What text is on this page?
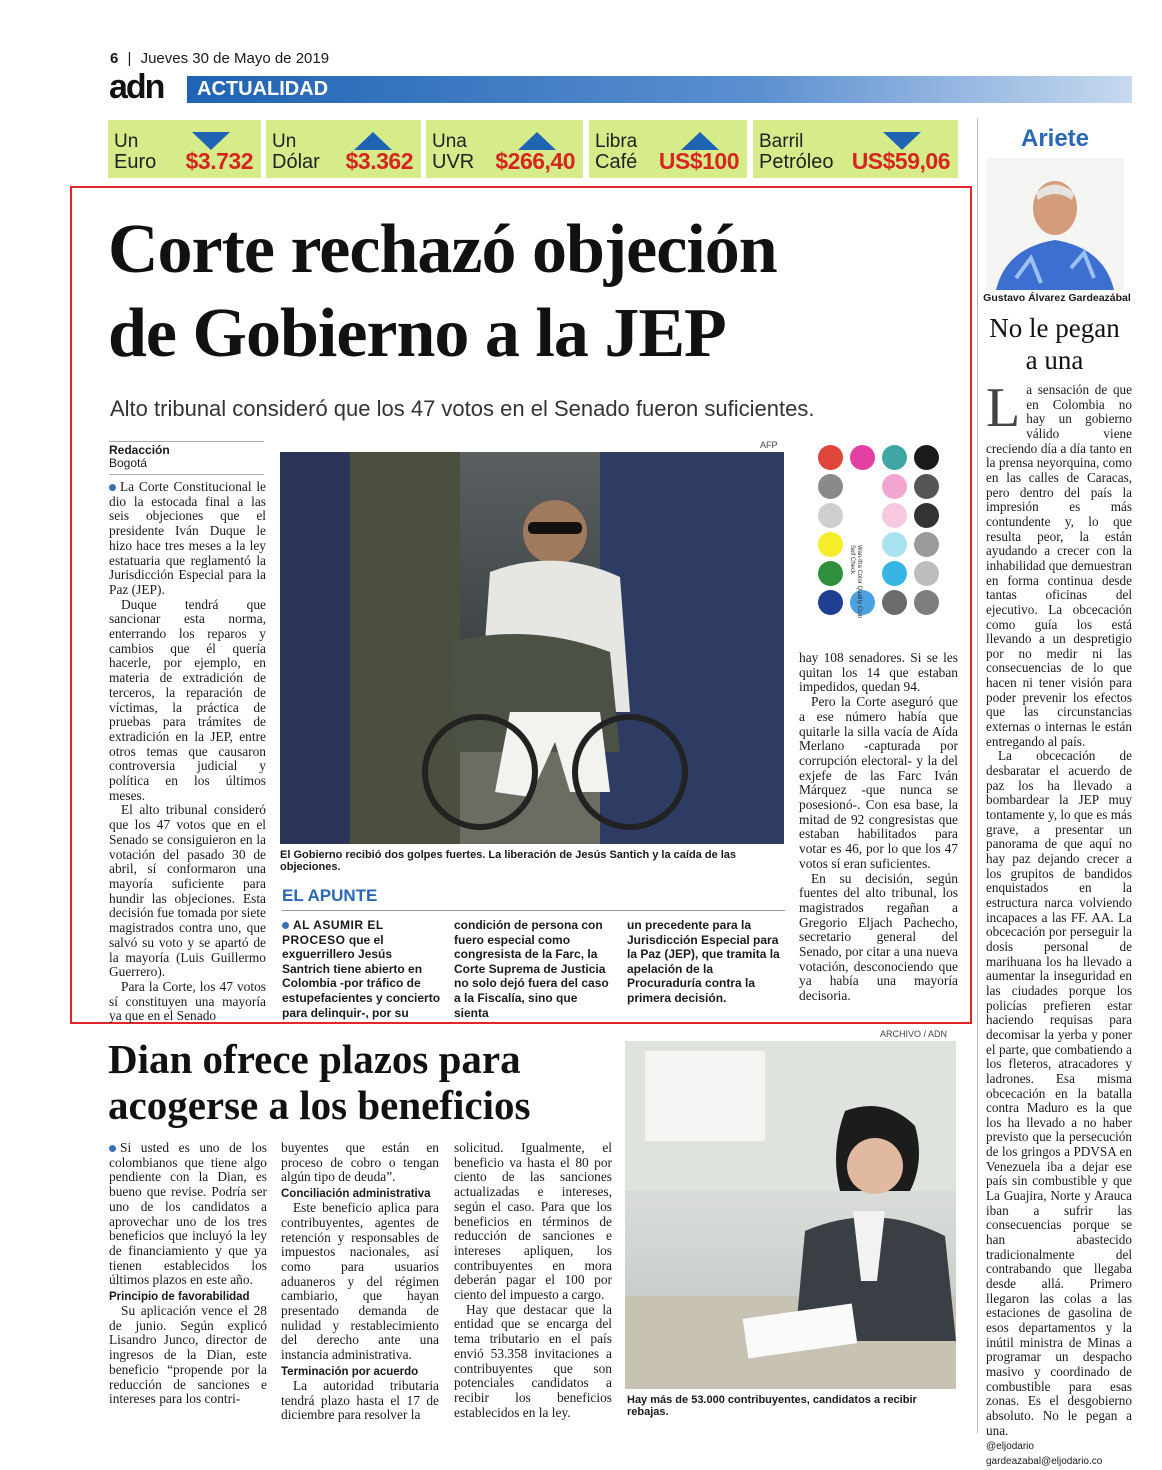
6 | Jueves 30 de Mayo de 2019
adn ACTUALIDAD
Un
Euro $3.732
Un
Dólar $3.362
Una
UVR $266,40
Libra
Café US$100
Barril
Petróleo US$59,06
Corte rechazó objeción
de Gobierno a la JEP
Alto tribunal consideró que los 47 votos en el Senado fueron suficientes.
Redacción
Bogotá

La Corte Constitucional le dio la estocada final a las seis objeciones que el presidente Iván Duque le hizo hace tres meses a la ley estatuaria que reglamentó la Jurisdicción Especial para la Paz (JEP).

Duque tendrá que sancionar esta norma, enterrando los reparos y cambios que él quería hacerle, por ejemplo, en materia de extradición de terceros, la reparación de víctimas, la práctica de pruebas para trámites de extradición en la JEP, entre otros temas que causaron controversia judicial y política en los últimos meses.

El alto tribunal consideró que los 47 votos que en el Senado se consiguieron en la votación del pasado 30 de abril, sí conformaron una mayoría suficiente para hundir las objeciones. Esta decisión fue tomada por siete magistrados contra uno, que salvó su voto y se apartó de la mayoría (Luis Guillermo Guerrero).

Para la Corte, los 47 votos sí constituyen una mayoría ya que en el Senado

AFP
El Gobierno recibió dos golpes fuertes. La liberación de Jesús Santich y la caída de las objeciones.
Wan-Ifra Color Quality Club Self Check

hay 108 senadores. Si se les quitan los 14 que estaban impedidos, quedan 94.

Pero la Corte aseguró que a ese número había que quitarle la silla vacía de Aída Merlano -capturada por corrupción electoral- y la del exjefe de las Farc Iván Márquez -que nunca se posesionó-. Con esa base, la mitad de 92 congresistas que estaban habilitados para votar es 46, por lo que los 47 votos sí eran suficientes.

En su decisión, según fuentes del alto tribunal, los magistrados regañan a Gregorio Eljach Pachecho, secretario general del Senado, por citar a una nueva votación, desconociendo que ya había una mayoría decisoria.

EL APUNTE
AL ASUMIR EL PROCESO que el exguerrillero Jesús Santrich tiene abierto en Colombia -por tráfico de estupefacientes y concierto para delinquir-, por su
condición de persona con fuero especial como congresista de la Farc, la Corte Suprema de Justicia no solo dejó fuera del caso a la Fiscalía, sino que sienta
un precedente para la Jurisdicción Especial para la Paz (JEP), que tramita la apelación de la Procuraduría contra la primera decisión.
Dian ofrece plazos para
acogerse a los beneficios

Si usted es uno de los colombianos que tiene algo pendiente con la Dian, es bueno que revise. Podría ser uno de los candidatos a aprovechar uno de los tres beneficios que incluyó la ley de financiamiento y que ya tienen establecidos los últimos plazos en este año.

Principio de favorabilidad

Su aplicación vence el 28 de junio. Según explicó Lisandro Junco, director de ingresos de la Dian, este beneficio “propende por la reducción de sanciones e intereses para los contri-

buyentes que están en proceso de cobro o tengan algún tipo de deuda”.

Conciliación administrativa

Este beneficio aplica para contribuyentes, agentes de retención y responsables de impuestos nacionales, así como para usuarios aduaneros y del régimen cambiario, que hayan presentado demanda de nulidad y restablecimiento del derecho ante una instancia administrativa.

Terminación por acuerdo

La autoridad tributaria tendrá plazo hasta el 17 de diciembre para resolver la

solicitud. Igualmente, el beneficio va hasta el 80 por ciento de las sanciones actualizadas e intereses, según el caso. Para que los beneficios en términos de reducción de sanciones e intereses apliquen, los contribuyentes en mora deberán pagar el 100 por ciento del impuesto a cargo.

Hay que destacar que la entidad que se encarga del tema tributario en el país envió 53.358 invitaciones a contribuyentes que son potenciales candidatos a recibir los beneficios establecidos en la ley.

ARCHIVO / ADN
Hay más de 53.000 contribuyentes, candidatos a recibir rebajas.
Ariete
Gustavo Álvarez Gardeazábal
No le pegan
a una

La sensación de que en Colombia no hay un gobierno válido viene creciendo día a día tanto en la prensa neyorquina, como en las calles de Caracas, pero dentro del país la impresión es más contundente y, lo que resulta peor, la están ayudando a crecer con la inhabilidad que demuestran en forma continua desde tantas oficinas del ejecutivo. La obcecación como guía los está llevando a un despretigio por no medir ni las consecuencias de lo que hacen ni tener visión para poder prevenir los efectos que las circunstancias externas o internas le están entregando al país.

La obcecación de desbaratar el acuerdo de paz los ha llevado a bombardear la JEP muy tontamente y, lo que es más grave, a presentar un panorama de que aquí no hay paz dejando crecer a los grupitos de bandidos enquistados en la estructura narca volviendo incapaces a las FF. AA. La obcecación por perseguir la dosis personal de marihuana los ha llevado a aumentar la inseguridad en las ciudades porque los policías prefieren estar haciendo requisas para decomisar la yerba y poner el parte, que combatiendo a los fleteros, atracadores y ladrones. Esa misma obcecación en la batalla contra Maduro es la que los ha llevado a no haber previsto que la persecución de los gringos a PDVSA en Venezuela iba a dejar ese país sin combustible y que La Guajira, Norte y Arauca iban a sufrir las consecuencias porque se han abastecido tradicionalmente del contrabando que llegaba desde allá. Primero llegaron las colas a las estaciones de gasolina de esos departamentos y la inútil ministra de Minas a programar un despacho masivo y coordinado de combustible para esas zonas. Es el desgobierno absoluto. No le pegan a una.

@eljodario
gardeazabal@eljodario.co
